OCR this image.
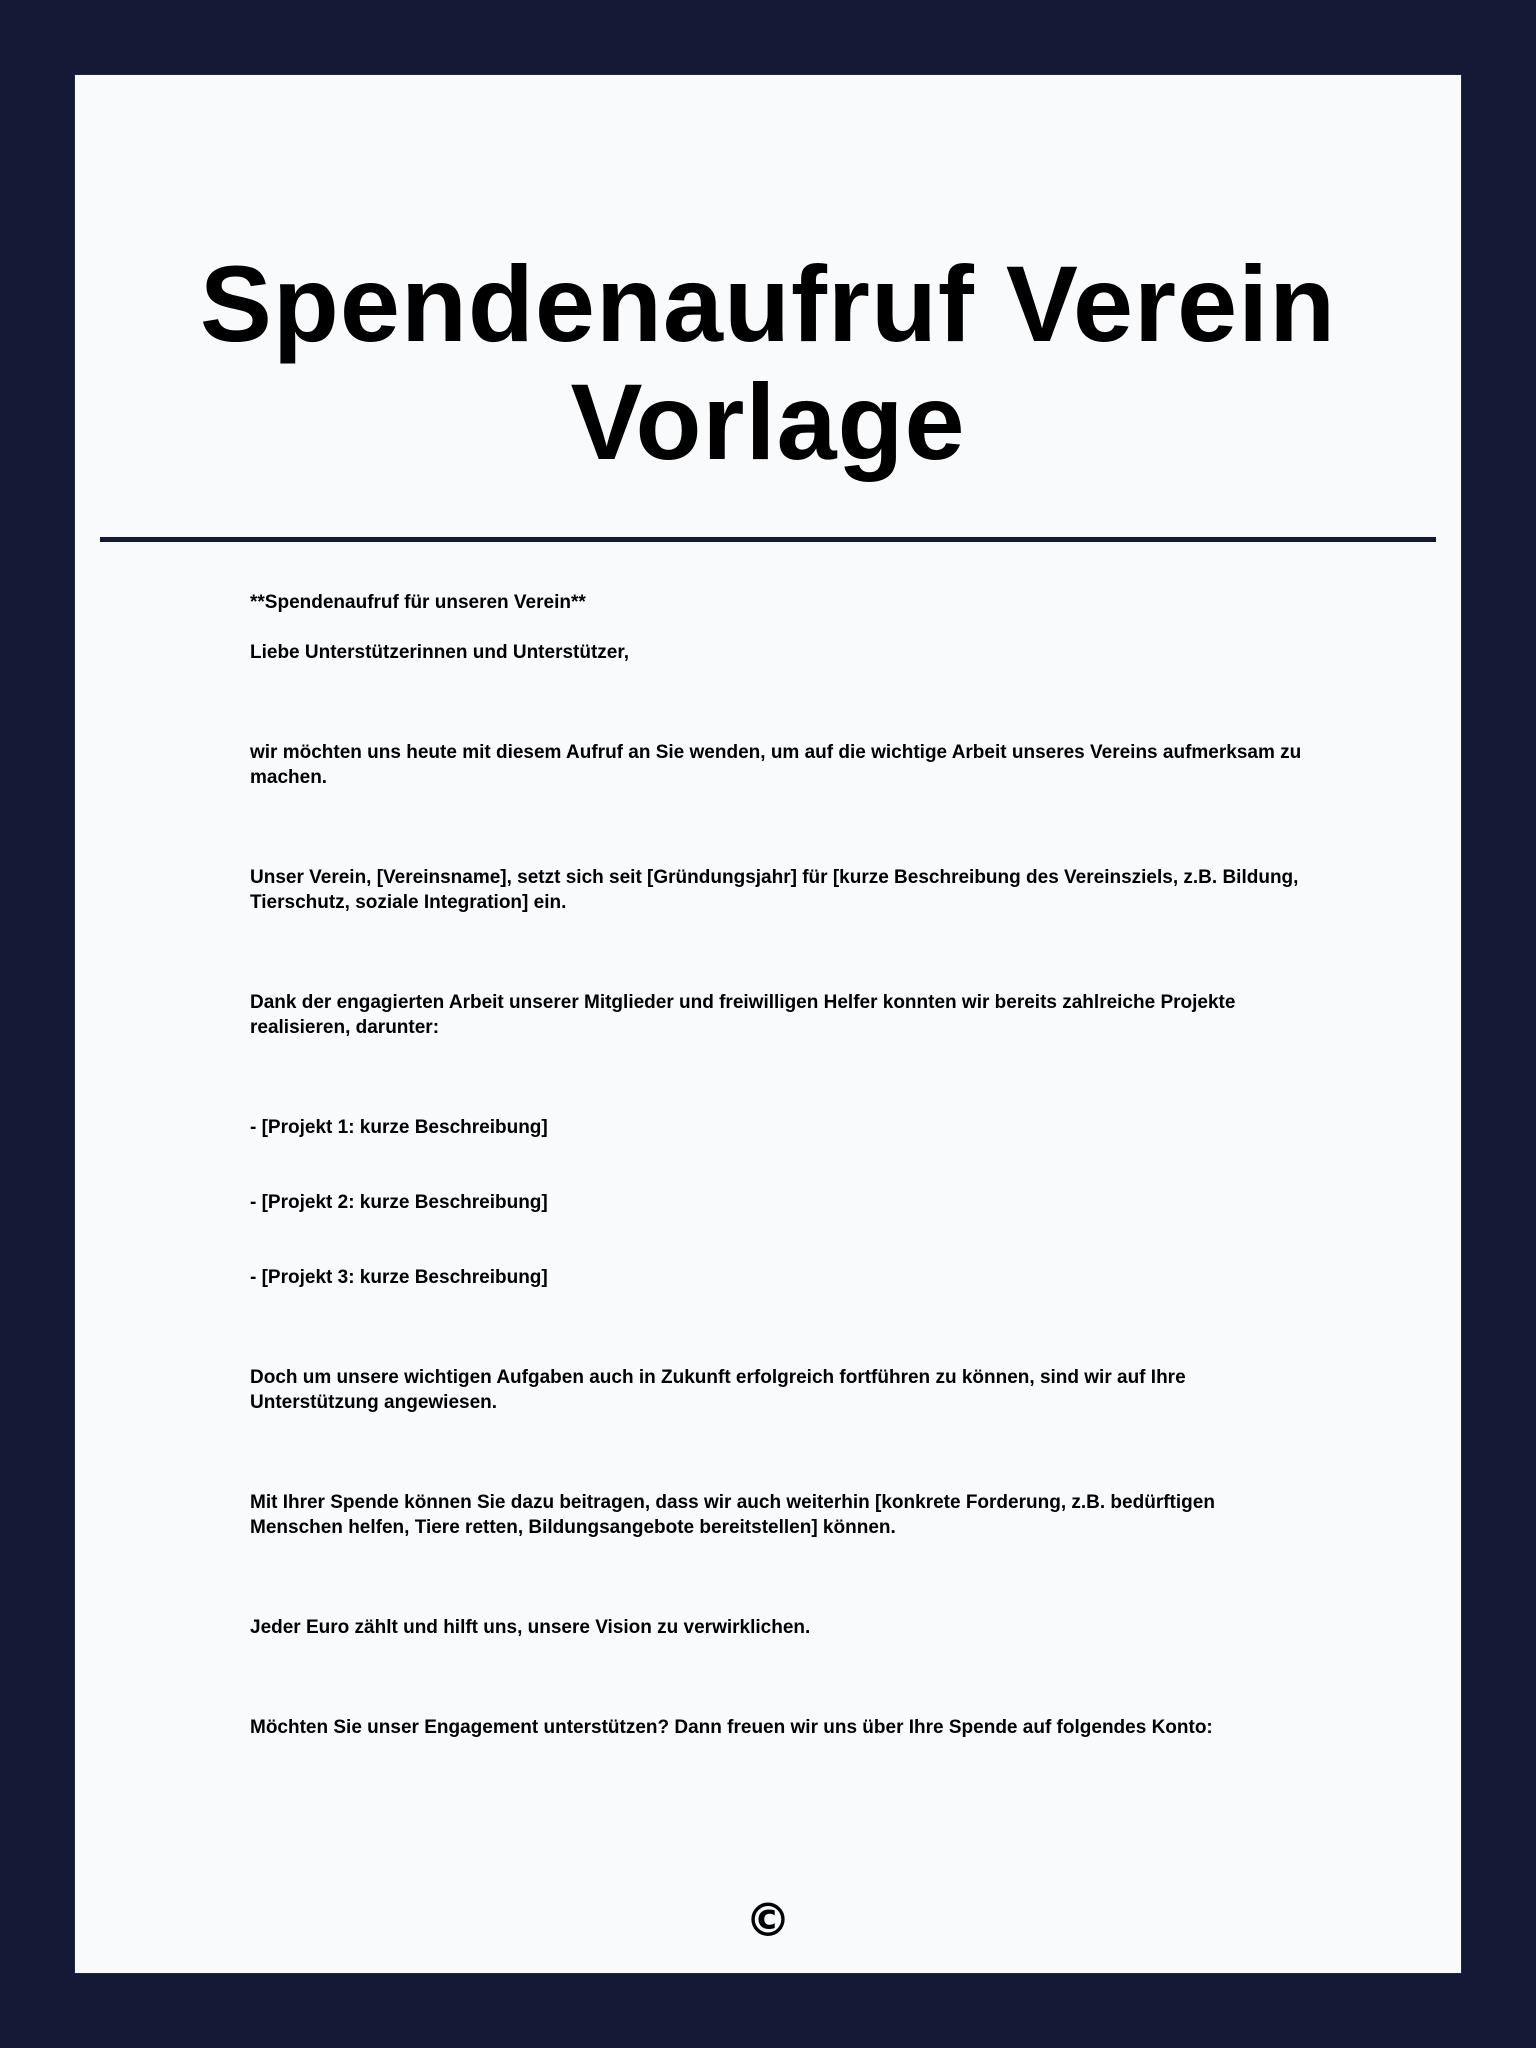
Spendenaufruf Verein Vorlage

**Spendenaufruf für unseren Verein**

Liebe Unterstützerinnen und Unterstützer,

wir möchten uns heute mit diesem Aufruf an Sie wenden, um auf die wichtige Arbeit unseres Vereins aufmerksam zu machen.

Unser Verein, [Vereinsname], setzt sich seit [Gründungsjahr] für [kurze Beschreibung des Vereinsziels, z.B. Bildung, Tierschutz, soziale Integration] ein.

Dank der engagierten Arbeit unserer Mitglieder und freiwilligen Helfer konnten wir bereits zahlreiche Projekte realisieren, darunter:

- [Projekt 1: kurze Beschreibung]

- [Projekt 2: kurze Beschreibung]

- [Projekt 3: kurze Beschreibung]

Doch um unsere wichtigen Aufgaben auch in Zukunft erfolgreich fortführen zu können, sind wir auf Ihre Unterstützung angewiesen.

Mit Ihrer Spende können Sie dazu beitragen, dass wir auch weiterhin [konkrete Forderung, z.B. bedürftigen Menschen helfen, Tiere retten, Bildungsangebote bereitstellen] können.

Jeder Euro zählt und hilft uns, unsere Vision zu verwirklichen.

Möchten Sie unser Engagement unterstützen? Dann freuen wir uns über Ihre Spende auf folgendes Konto:

©
